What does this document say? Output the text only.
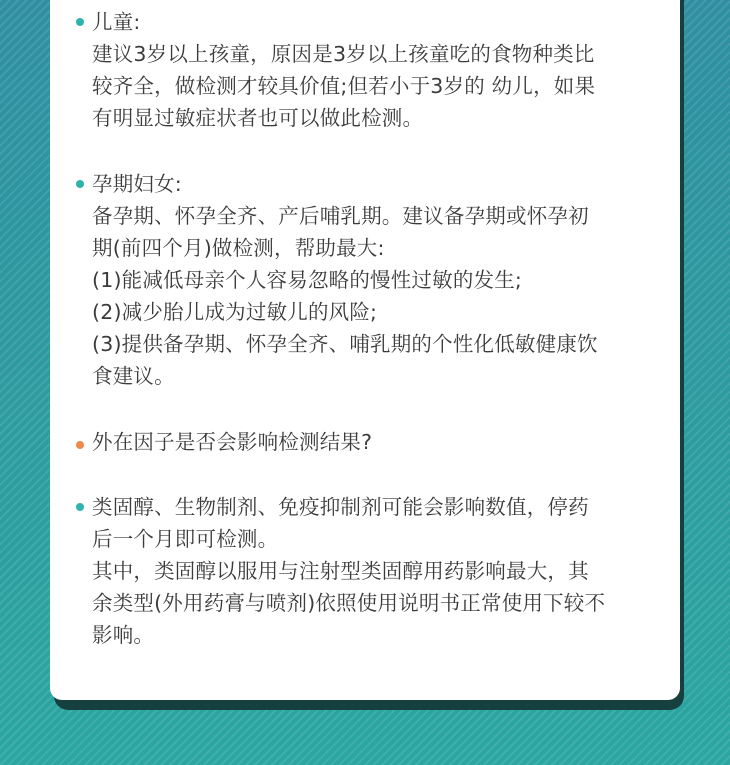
儿童:
建议3岁以上孩童，原因是3岁以上孩童吃的食物种类比
较齐全，做检测才较具价值;但若小于3岁的 幼儿，如果
有明显过敏症状者也可以做此检测。
孕期妇女:
备孕期、怀孕全齐、产后哺乳期。建议备孕期或怀孕初
期(前四个月)做检测，帮助最大:
(1)能减低母亲个人容易忽略的慢性过敏的发生;
(2)减少胎儿成为过敏儿的风险;
(3)提供备孕期、怀孕全齐、哺乳期的个性化低敏健康饮
食建议。
外在因子是否会影响检测结果?
类固醇、生物制剂、免疫抑制剂可能会影响数值，停药
后一个月即可检测。
其中，类固醇以服用与注射型类固醇用药影响最大，其
余类型(外用药膏与喷剂)依照使用说明书正常使用下较不
影响。
